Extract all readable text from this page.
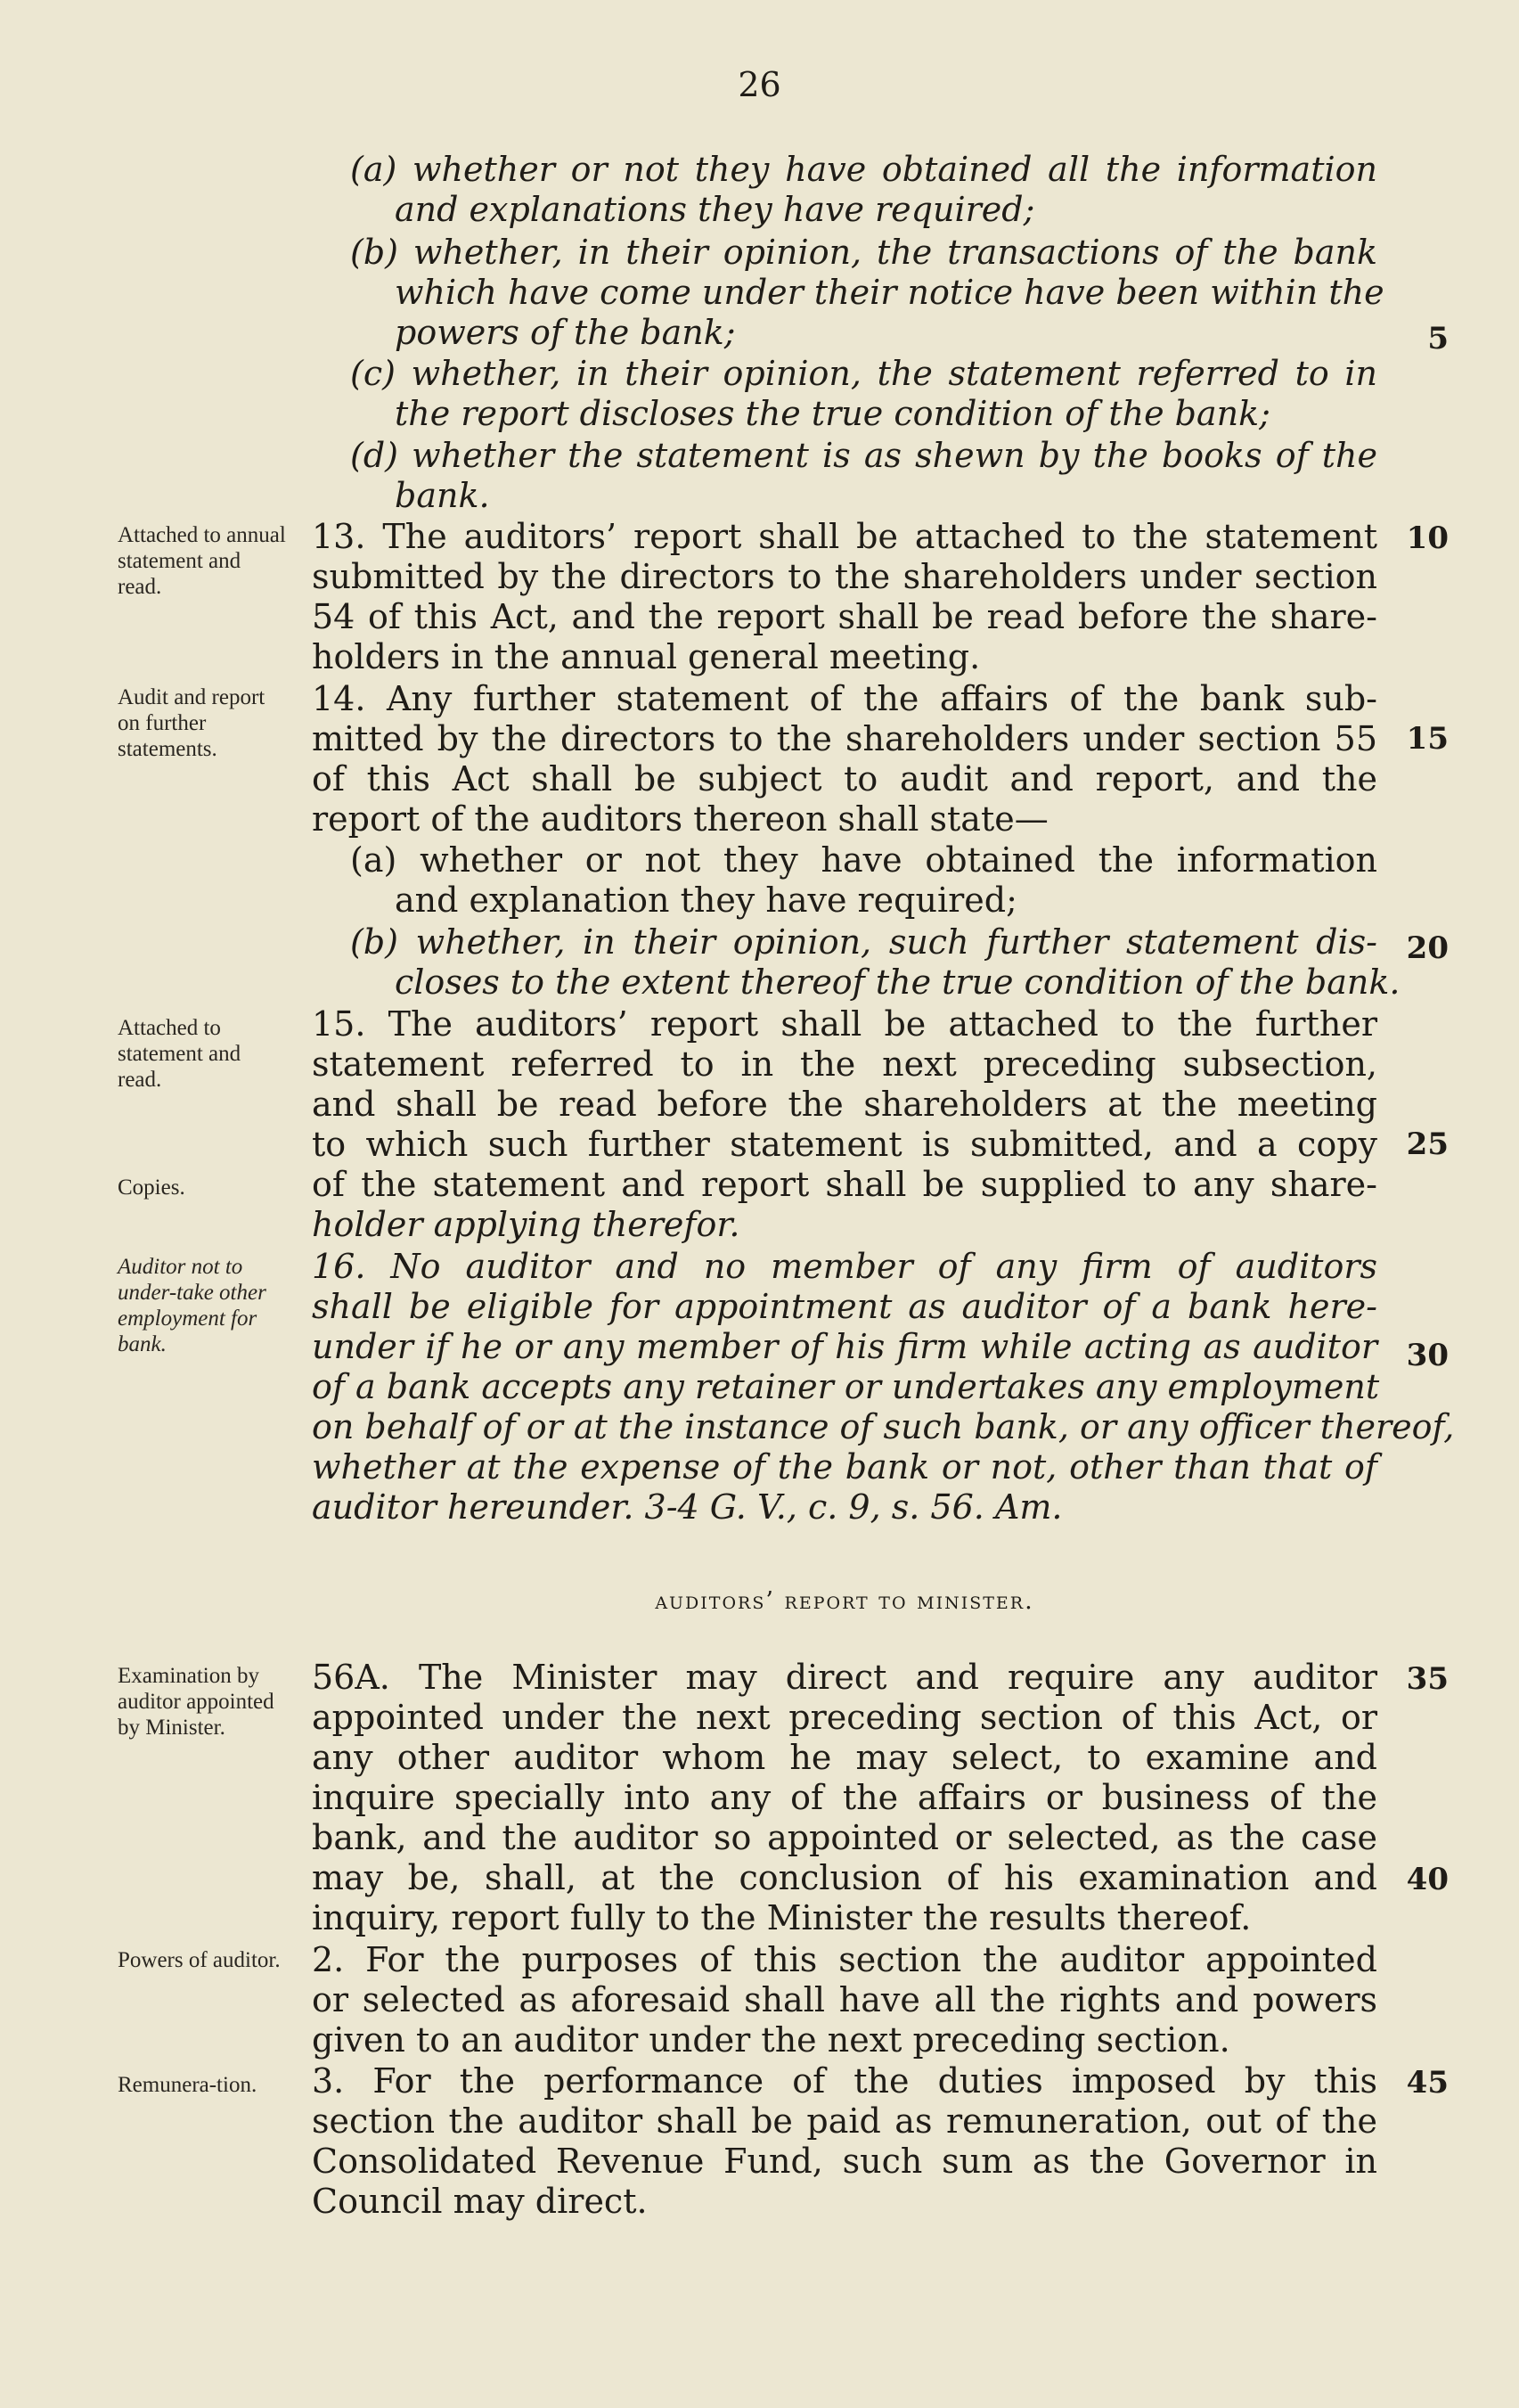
26
(a) whether or not they have obtained all the information
and explanations they have required;
(b) whether, in their opinion, the transactions of the bank
which have come under their notice have been within the
powers of the bank;
(c) whether, in their opinion, the statement referred to in
the report discloses the true condition of the bank;
(d) whether the statement is as shewn by the books of the
bank.
13. The auditors’ report shall be attached to the statement
submitted by the directors to the shareholders under section
54 of this Act, and the report shall be read before the share-
holders in the annual general meeting.
14. Any further statement of the affairs of the bank sub-
mitted by the directors to the shareholders under section 55
of this Act shall be subject to audit and report, and the
report of the auditors thereon shall state—
(a) whether or not they have obtained the information
and explanation they have required;
(b) whether, in their opinion, such further statement dis-
closes to the extent thereof the true condition of the bank.
15. The auditors’ report shall be attached to the further
statement referred to in the next preceding subsection,
and shall be read before the shareholders at the meeting
to which such further statement is submitted, and a copy
of the statement and report shall be supplied to any share-
holder applying therefor.
16. No auditor and no member of any firm of auditors
shall be eligible for appointment as auditor of a bank here-
under if he or any member of his firm while acting as auditor
of a bank accepts any retainer or undertakes any employment
on behalf of or at the instance of such bank, or any officer thereof,
whether at the expense of the bank or not, other than that of
auditor hereunder. 3-4 G. V., c. 9, s. 56. Am.
auditors’ report to minister.
56A. The Minister may direct and require any auditor
appointed under the next preceding section of this Act, or
any other auditor whom he may select, to examine and
inquire specially into any of the affairs or business of the
bank, and the auditor so appointed or selected, as the case
may be, shall, at the conclusion of his examination and
inquiry, report fully to the Minister the results thereof.
2. For the purposes of this section the auditor appointed
or selected as aforesaid shall have all the rights and powers
given to an auditor under the next preceding section.
3. For the performance of the duties imposed by this
section the auditor shall be paid as remuneration, out of the
Consolidated Revenue Fund, such sum as the Governor in
Council may direct.
5
10
15
20
25
30
35
40
45
Attached to annual statement and read.
Audit and report on further statements.
Attached to statement and read.
Copies.
Auditor not to under-take other employment for bank.
Examination by auditor appointed by Minister.
Powers of auditor.
Remunera-tion.
